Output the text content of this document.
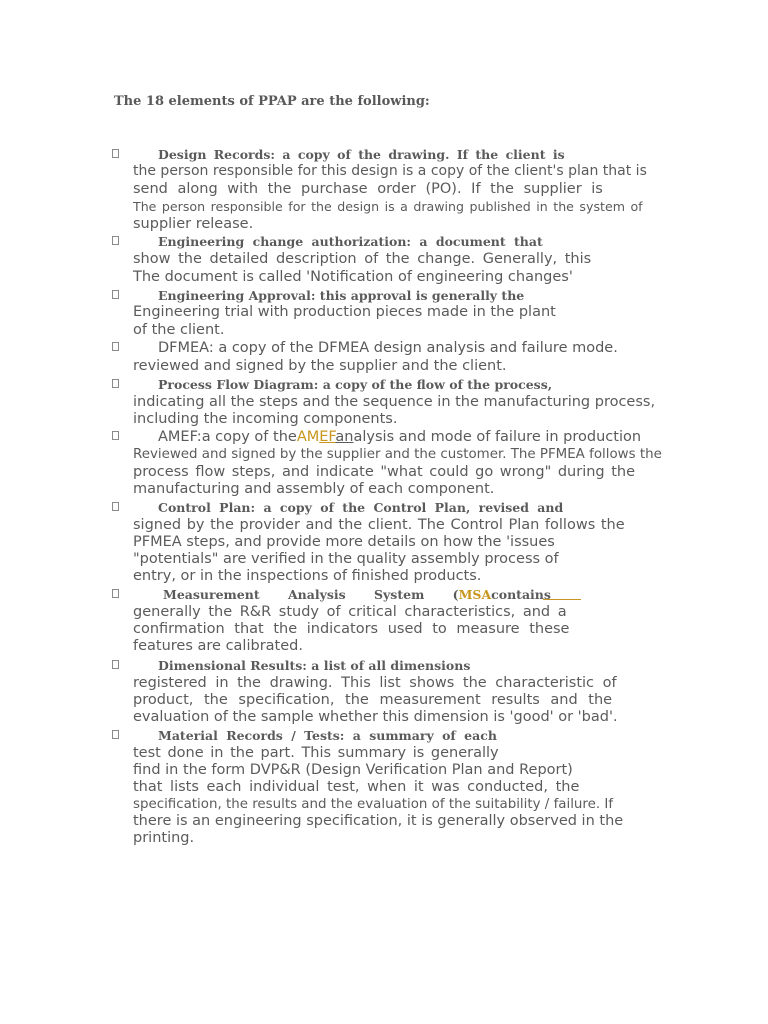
The 18 elements of PPAP are the following:
Design Records: a copy of the drawing. If the client is
the person responsible for this design is a copy of the client's plan that is
send along with the purchase order (PO). If the supplier is
The person responsible for the design is a drawing published in the system of
supplier release.
Engineering change authorization: a document that
show the detailed description of the change. Generally, this
The document is called 'Notification of engineering changes'
Engineering Approval: this approval is generally the
Engineering trial with production pieces made in the plant
of the client.
DFMEA: a copy of the DFMEA design analysis and failure mode.
reviewed and signed by the supplier and the client.
Process Flow Diagram: a copy of the flow of the process,
indicating all the steps and the sequence in the manufacturing process,
including the incoming components.
AMEF:a copy of theAMEFanalysis and mode of failure in production
Reviewed and signed by the supplier and the customer. The PFMEA follows the
process flow steps, and indicate "what could go wrong" during the
manufacturing and assembly of each component.
Control Plan: a copy of the Control Plan, revised and
signed by the provider and the client. The Control Plan follows the
PFMEA steps, and provide more details on how the 'issues
"potentials" are verified in the quality assembly process of
entry, or in the inspections of finished products.
Measurement Analysis System (MSAcontains
generally the R&R study of critical characteristics, and a
confirmation that the indicators used to measure these
features are calibrated.
Dimensional Results: a list of all dimensions
registered in the drawing. This list shows the characteristic of
product, the specification, the measurement results and the
evaluation of the sample whether this dimension is 'good' or 'bad'.
Material Records / Tests: a summary of each
test done in the part. This summary is generally
find in the form DVP&R (Design Verification Plan and Report)
that lists each individual test, when it was conducted, the
specification, the results and the evaluation of the suitability / failure. If
there is an engineering specification, it is generally observed in the
printing.
